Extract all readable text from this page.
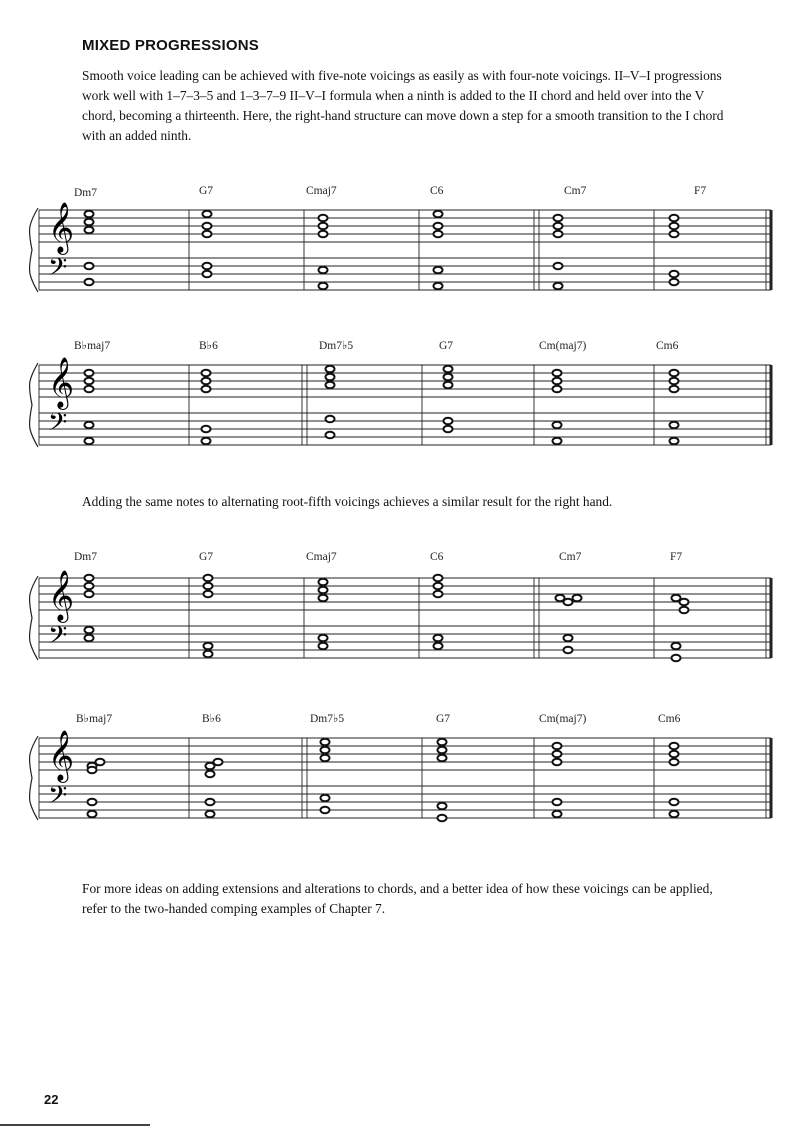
MIXED PROGRESSIONS

Smooth voice leading can be achieved with five-note voicings as easily as with four-note voicings. II–V–I progressions work well with 1–7–3–5 and 1–3–7–9 II–V–I formula when a ninth is added to the II chord and held over into the V chord, becoming a thirteenth. Here, the right-hand structure can move down a step for a smooth transition to the I chord with an added ninth.

𝄞
𝄢
Dm7	G7	Cmaj7	C6	Cm7	F7
𝄞
𝄢
B♭maj7	B♭6	Dm7♭5	G7	Cm(maj7)	Cm6

Adding the same notes to alternating root-fifth voicings achieves a similar result for the right hand.

𝄞
𝄢
Dm7	G7	Cmaj7	C6	Cm7	F7
𝄞
𝄢
B♭maj7	B♭6	Dm7♭5	G7	Cm(maj7)	Cm6

For more ideas on adding extensions and alterations to chords, and a better idea of how these voicings can be applied, refer to the two-handed comping examples of Chapter 7.

22
